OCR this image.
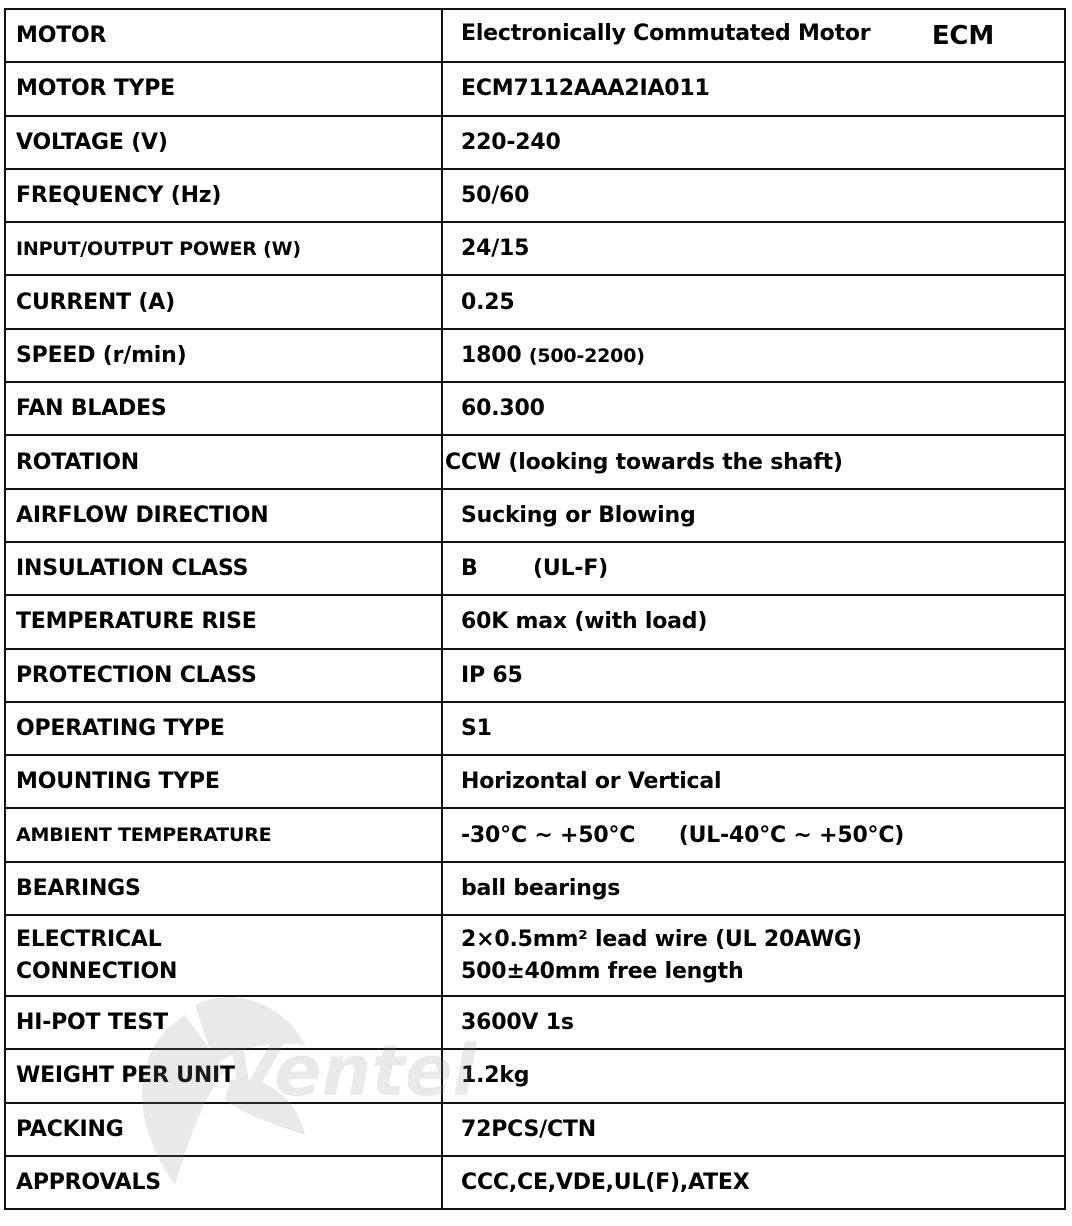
MOTOR	Electronically Commutated Motor ECM

MOTOR TYPE	ECM7112AAA2IA011
VOLTAGE (V)	220-240
FREQUENCY (Hz)	50/60
INPUT/OUTPUT POWER (W)	24/15
CURRENT (A)	0.25
SPEED (r/min)	1800 (500-2200)
FAN BLADES	60.300
ROTATION	CCW (looking towards the shaft)
AIRFLOW DIRECTION	Sucking or Blowing
INSULATION CLASS	B (UL-F)
TEMPERATURE RISE	60K max (with load)
PROTECTION CLASS	IP 65
OPERATING TYPE	S1
MOUNTING TYPE	Horizontal or Vertical
AMBIENT TEMPERATURE	-30°C ~ +50°C (UL-40°C ~ +50°C)
BEARINGS	ball bearings

ELECTRICAL
CONNECTION	2×0.5mm² lead wire (UL 20AWG)
500±40mm free length

HI-POT TEST	3600V 1s
WEIGHT PER UNIT	1.2kg
PACKING	72PCS/CTN
APPROVALS	CCC,CE,VDE,UL(F),ATEX
Ventel
